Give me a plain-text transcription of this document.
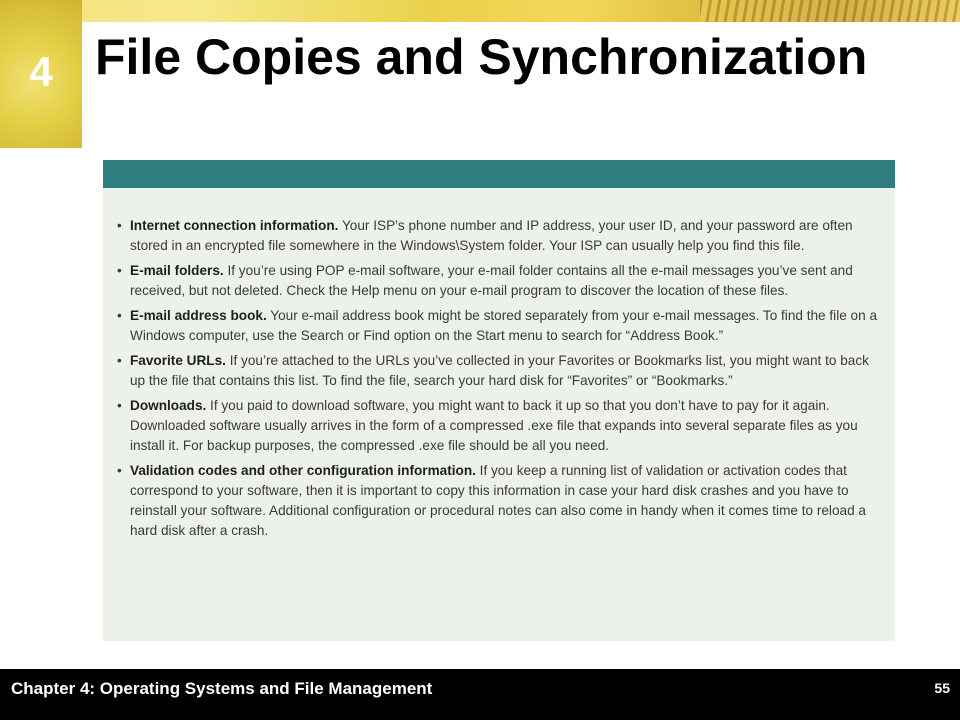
4 File Copies and Synchronization
• Internet connection information. Your ISP’s phone number and IP address, your user ID, and your password are often stored in an encrypted file somewhere in the Windows\System folder. Your ISP can usually help you find this file.
• E-mail folders. If you’re using POP e-mail software, your e-mail folder contains all the e-mail messages you’ve sent and received, but not deleted. Check the Help menu on your e-mail program to discover the location of these files.
• E-mail address book. Your e-mail address book might be stored separately from your e-mail messages. To find the file on a Windows computer, use the Search or Find option on the Start menu to search for “Address Book.”
• Favorite URLs. If you’re attached to the URLs you’ve collected in your Favorites or Bookmarks list, you might want to back up the file that contains this list. To find the file, search your hard disk for “Favorites” or “Bookmarks.”
• Downloads. If you paid to download software, you might want to back it up so that you don’t have to pay for it again. Downloaded software usually arrives in the form of a compressed .exe file that expands into several separate files as you install it. For backup purposes, the compressed .exe file should be all you need.
• Validation codes and other configuration information. If you keep a running list of validation or activation codes that correspond to your software, then it is important to copy this information in case your hard disk crashes and you have to reinstall your software. Additional configuration or procedural notes can also come in handy when it comes time to reload a hard disk after a crash.
Chapter 4: Operating Systems and File Management	55
